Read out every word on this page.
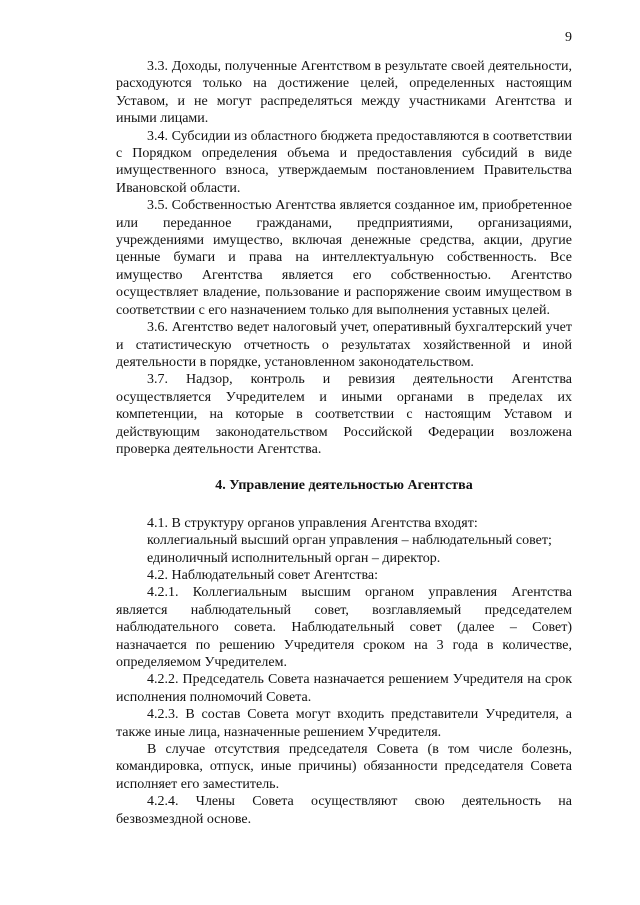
9

3.3. Доходы, полученные Агентством в результате своей деятельности, расходуются только на достижение целей, определенных настоящим Уставом, и не могут распределяться между участниками Агентства и иными лицами.

3.4. Субсидии из областного бюджета предоставляются в соответствии с Порядком определения объема и предоставления субсидий в виде имущественного взноса, утверждаемым постановлением Правительства Ивановской области.

3.5. Собственностью Агентства является созданное им, приобретенное или переданное гражданами, предприятиями, организациями, учреждениями имущество, включая денежные средства, акции, другие ценные бумаги и права на интеллектуальную собственность. Все имущество Агентства является его собственностью. Агентство осуществляет владение, пользование и распоряжение своим имуществом в соответствии с его назначением только для выполнения уставных целей.

3.6. Агентство ведет налоговый учет, оперативный бухгалтерский учет и статистическую отчетность о результатах хозяйственной и иной деятельности в порядке, установленном законодательством.

3.7. Надзор, контроль и ревизия деятельности Агентства осуществляется Учредителем и иными органами в пределах их компетенции, на которые в соответствии с настоящим Уставом и действующим законодательством Российской Федерации возложена проверка деятельности Агентства.

4. Управление деятельностью Агентства

4.1. В структуру органов управления Агентства входят:

коллегиальный высший орган управления – наблюдательный совет;

единоличный исполнительный орган – директор.

4.2. Наблюдательный совет Агентства:

4.2.1. Коллегиальным высшим органом управления Агентства является наблюдательный совет, возглавляемый председателем наблюдательного совета. Наблюдательный совет (далее – Совет) назначается по решению Учредителя сроком на 3 года в количестве, определяемом Учредителем.

4.2.2. Председатель Совета назначается решением Учредителя на срок исполнения полномочий Совета.

4.2.3. В состав Совета могут входить представители Учредителя, а также иные лица, назначенные решением Учредителя.

В случае отсутствия председателя Совета (в том числе болезнь, командировка, отпуск, иные причины) обязанности председателя Совета исполняет его заместитель.

4.2.4. Члены Совета осуществляют свою деятельность на безвозмездной основе.
